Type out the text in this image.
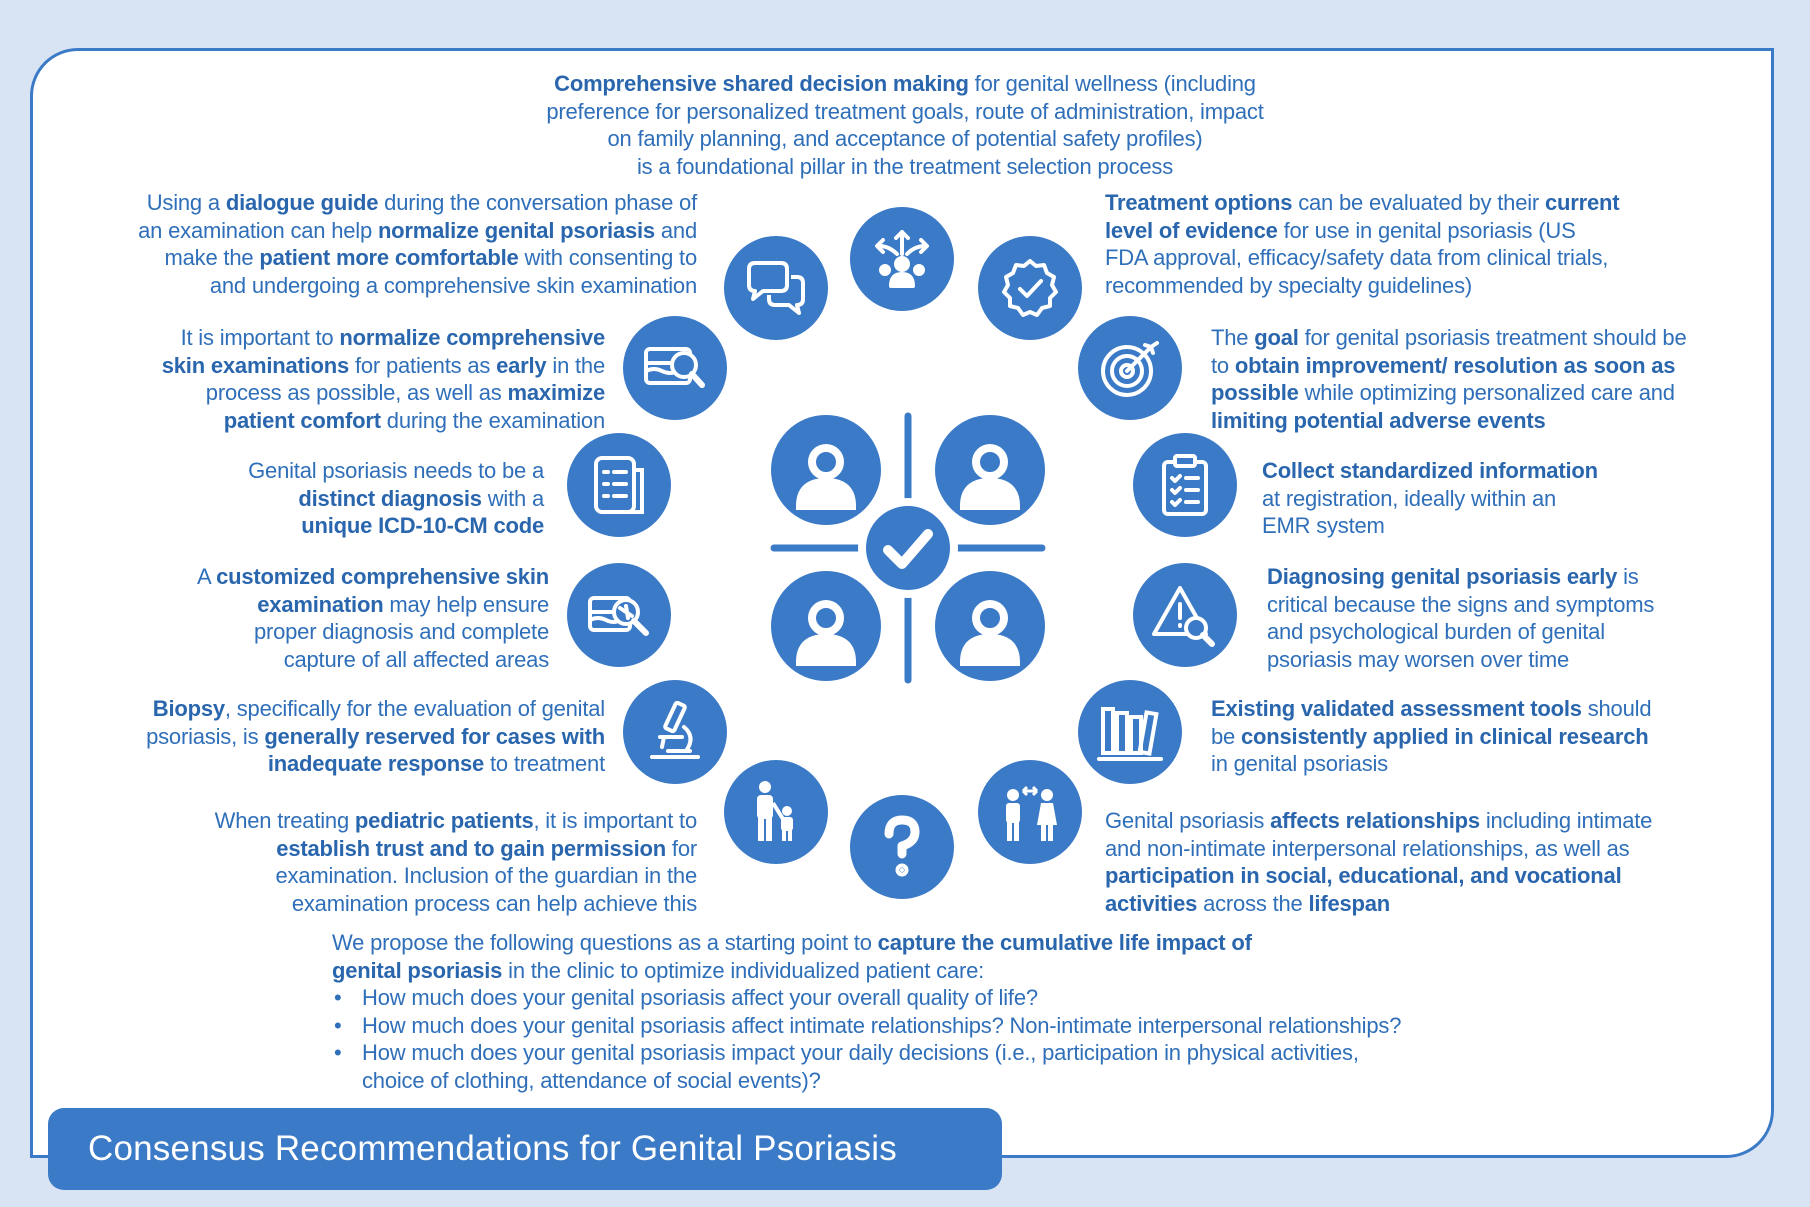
Comprehensive shared decision making for genital wellness (including
preference for personalized treatment goals, route of administration, impact
on family planning, and acceptance of potential safety profiles)
is a foundational pillar in the treatment selection process
Using a dialogue guide during the conversation phase of
an examination can help normalize genital psoriasis and
make the patient more comfortable with consenting to
and undergoing a comprehensive skin examination
It is important to normalize comprehensive
skin examinations for patients as early in the
process as possible, as well as maximize
patient comfort during the examination
Genital psoriasis needs to be a
distinct diagnosis with a
unique ICD-10-CM code
A customized comprehensive skin
examination may help ensure
proper diagnosis and complete
capture of all affected areas
Biopsy, specifically for the evaluation of genital
psoriasis, is generally reserved for cases with
inadequate response to treatment
When treating pediatric patients, it is important to
establish trust and to gain permission for
examination. Inclusion of the guardian in the
examination process can help achieve this
Treatment options can be evaluated by their current
level of evidence for use in genital psoriasis (US
FDA approval, efficacy/safety data from clinical trials,
recommended by specialty guidelines)
The goal for genital psoriasis treatment should be
to obtain improvement/ resolution as soon as
possible while optimizing personalized care and
limiting potential adverse events
Collect standardized information
at registration, ideally within an
EMR system
Diagnosing genital psoriasis early is
critical because the signs and symptoms
and psychological burden of genital
psoriasis may worsen over time
Existing validated assessment tools should
be consistently applied in clinical research
in genital psoriasis
Genital psoriasis affects relationships including intimate
and non-intimate interpersonal relationships, as well as
participation in social, educational, and vocational
activities across the lifespan
We propose the following questions as a starting point to capture the cumulative life impact of
genital psoriasis in the clinic to optimize individualized patient care:
• How much does your genital psoriasis affect your overall quality of life?
• How much does your genital psoriasis affect intimate relationships? Non-intimate interpersonal relationships?
• How much does your genital psoriasis impact your daily decisions (i.e., participation in physical activities,
choice of clothing, attendance of social events)?
Consensus Recommendations for Genital Psoriasis
